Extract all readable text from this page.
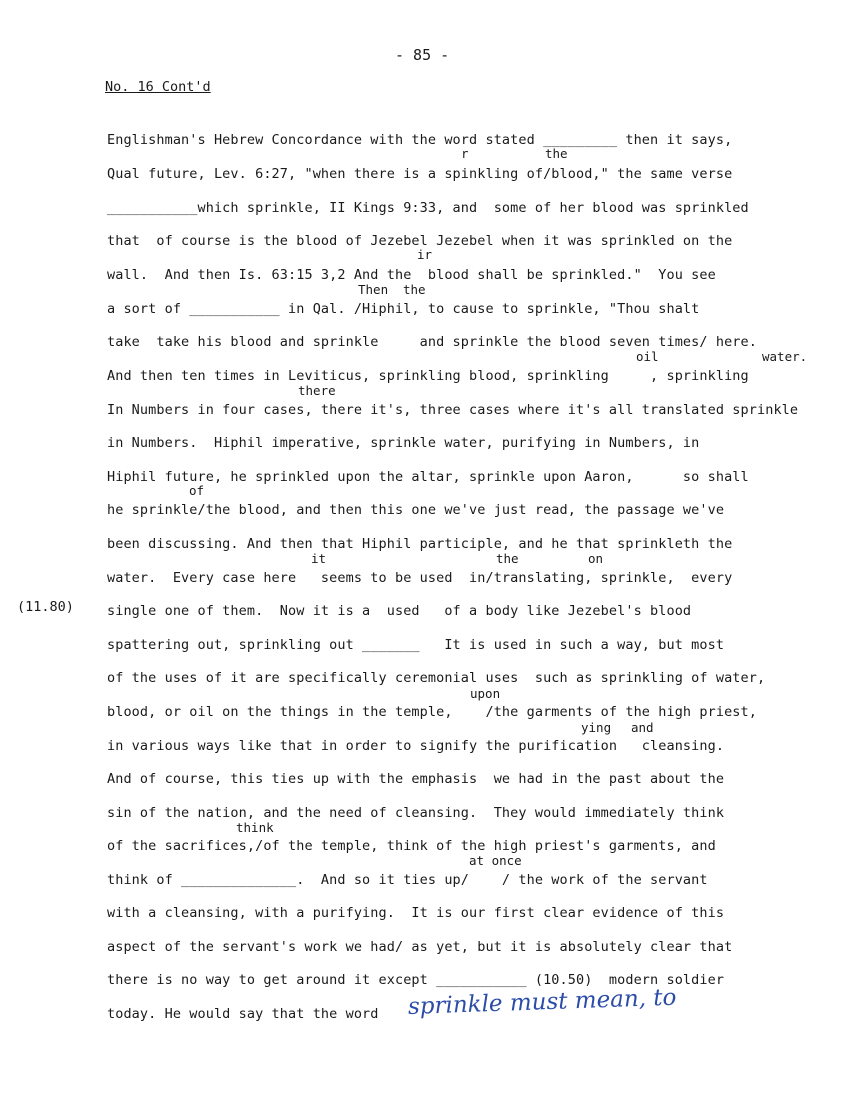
- 85 -
No. 16 Cont'd
(11.80)
r	the
ir
Then the
oil	water.
there
of
it	the	on
upon
ying and
think
at once
Englishman's Hebrew Concordance with the word stated _________ then it says,
Qual future, Lev. 6:27, "when there is a spinkling of/blood," the same verse
___________which sprinkle, II Kings 9:33, and  some of her blood was sprinkled
that  of course is the blood of Jezebel Jezebel when it was sprinkled on the
wall.  And then Is. 63:15 3,2 And the  blood shall be sprinkled."  You see
a sort of ___________ in Qal. /Hiphil, to cause to sprinkle, "Thou shalt
take  take his blood and sprinkle     and sprinkle the blood seven times/ here.
And then ten times in Leviticus, sprinkling blood, sprinkling     , sprinkling
In Numbers in four cases, there it's, three cases where it's all translated sprinkle
in Numbers.  Hiphil imperative, sprinkle water, purifying in Numbers, in
Hiphil future, he sprinkled upon the altar, sprinkle upon Aaron,      so shall
he sprinkle/the blood, and then this one we've just read, the passage we've
been discussing. And then that Hiphil participle, and he that sprinkleth the
water.  Every case here   seems to be used  in/translating, sprinkle,  every
single one of them.  Now it is a  used   of a body like Jezebel's blood
spattering out, sprinkling out _______   It is used in such a way, but most
of the uses of it are specifically ceremonial uses  such as sprinkling of water,
blood, or oil on the things in the temple,    /the garments of the high priest,
in various ways like that in order to signify the purification   cleansing.
And of course, this ties up with the emphasis  we had in the past about the
sin of the nation, and the need of cleansing.  They would immediately think
of the sacrifices,/of the temple, think of the high priest's garments, and
think of ______________.  And so it ties up/    / the work of the servant
with a cleansing, with a purifying.  It is our first clear evidence of this
aspect of the servant's work we had/ as yet, but it is absolutely clear that
there is no way to get around it except ___________ (10.50)  modern soldier
today. He would say that the word sprinkle must mean, to
